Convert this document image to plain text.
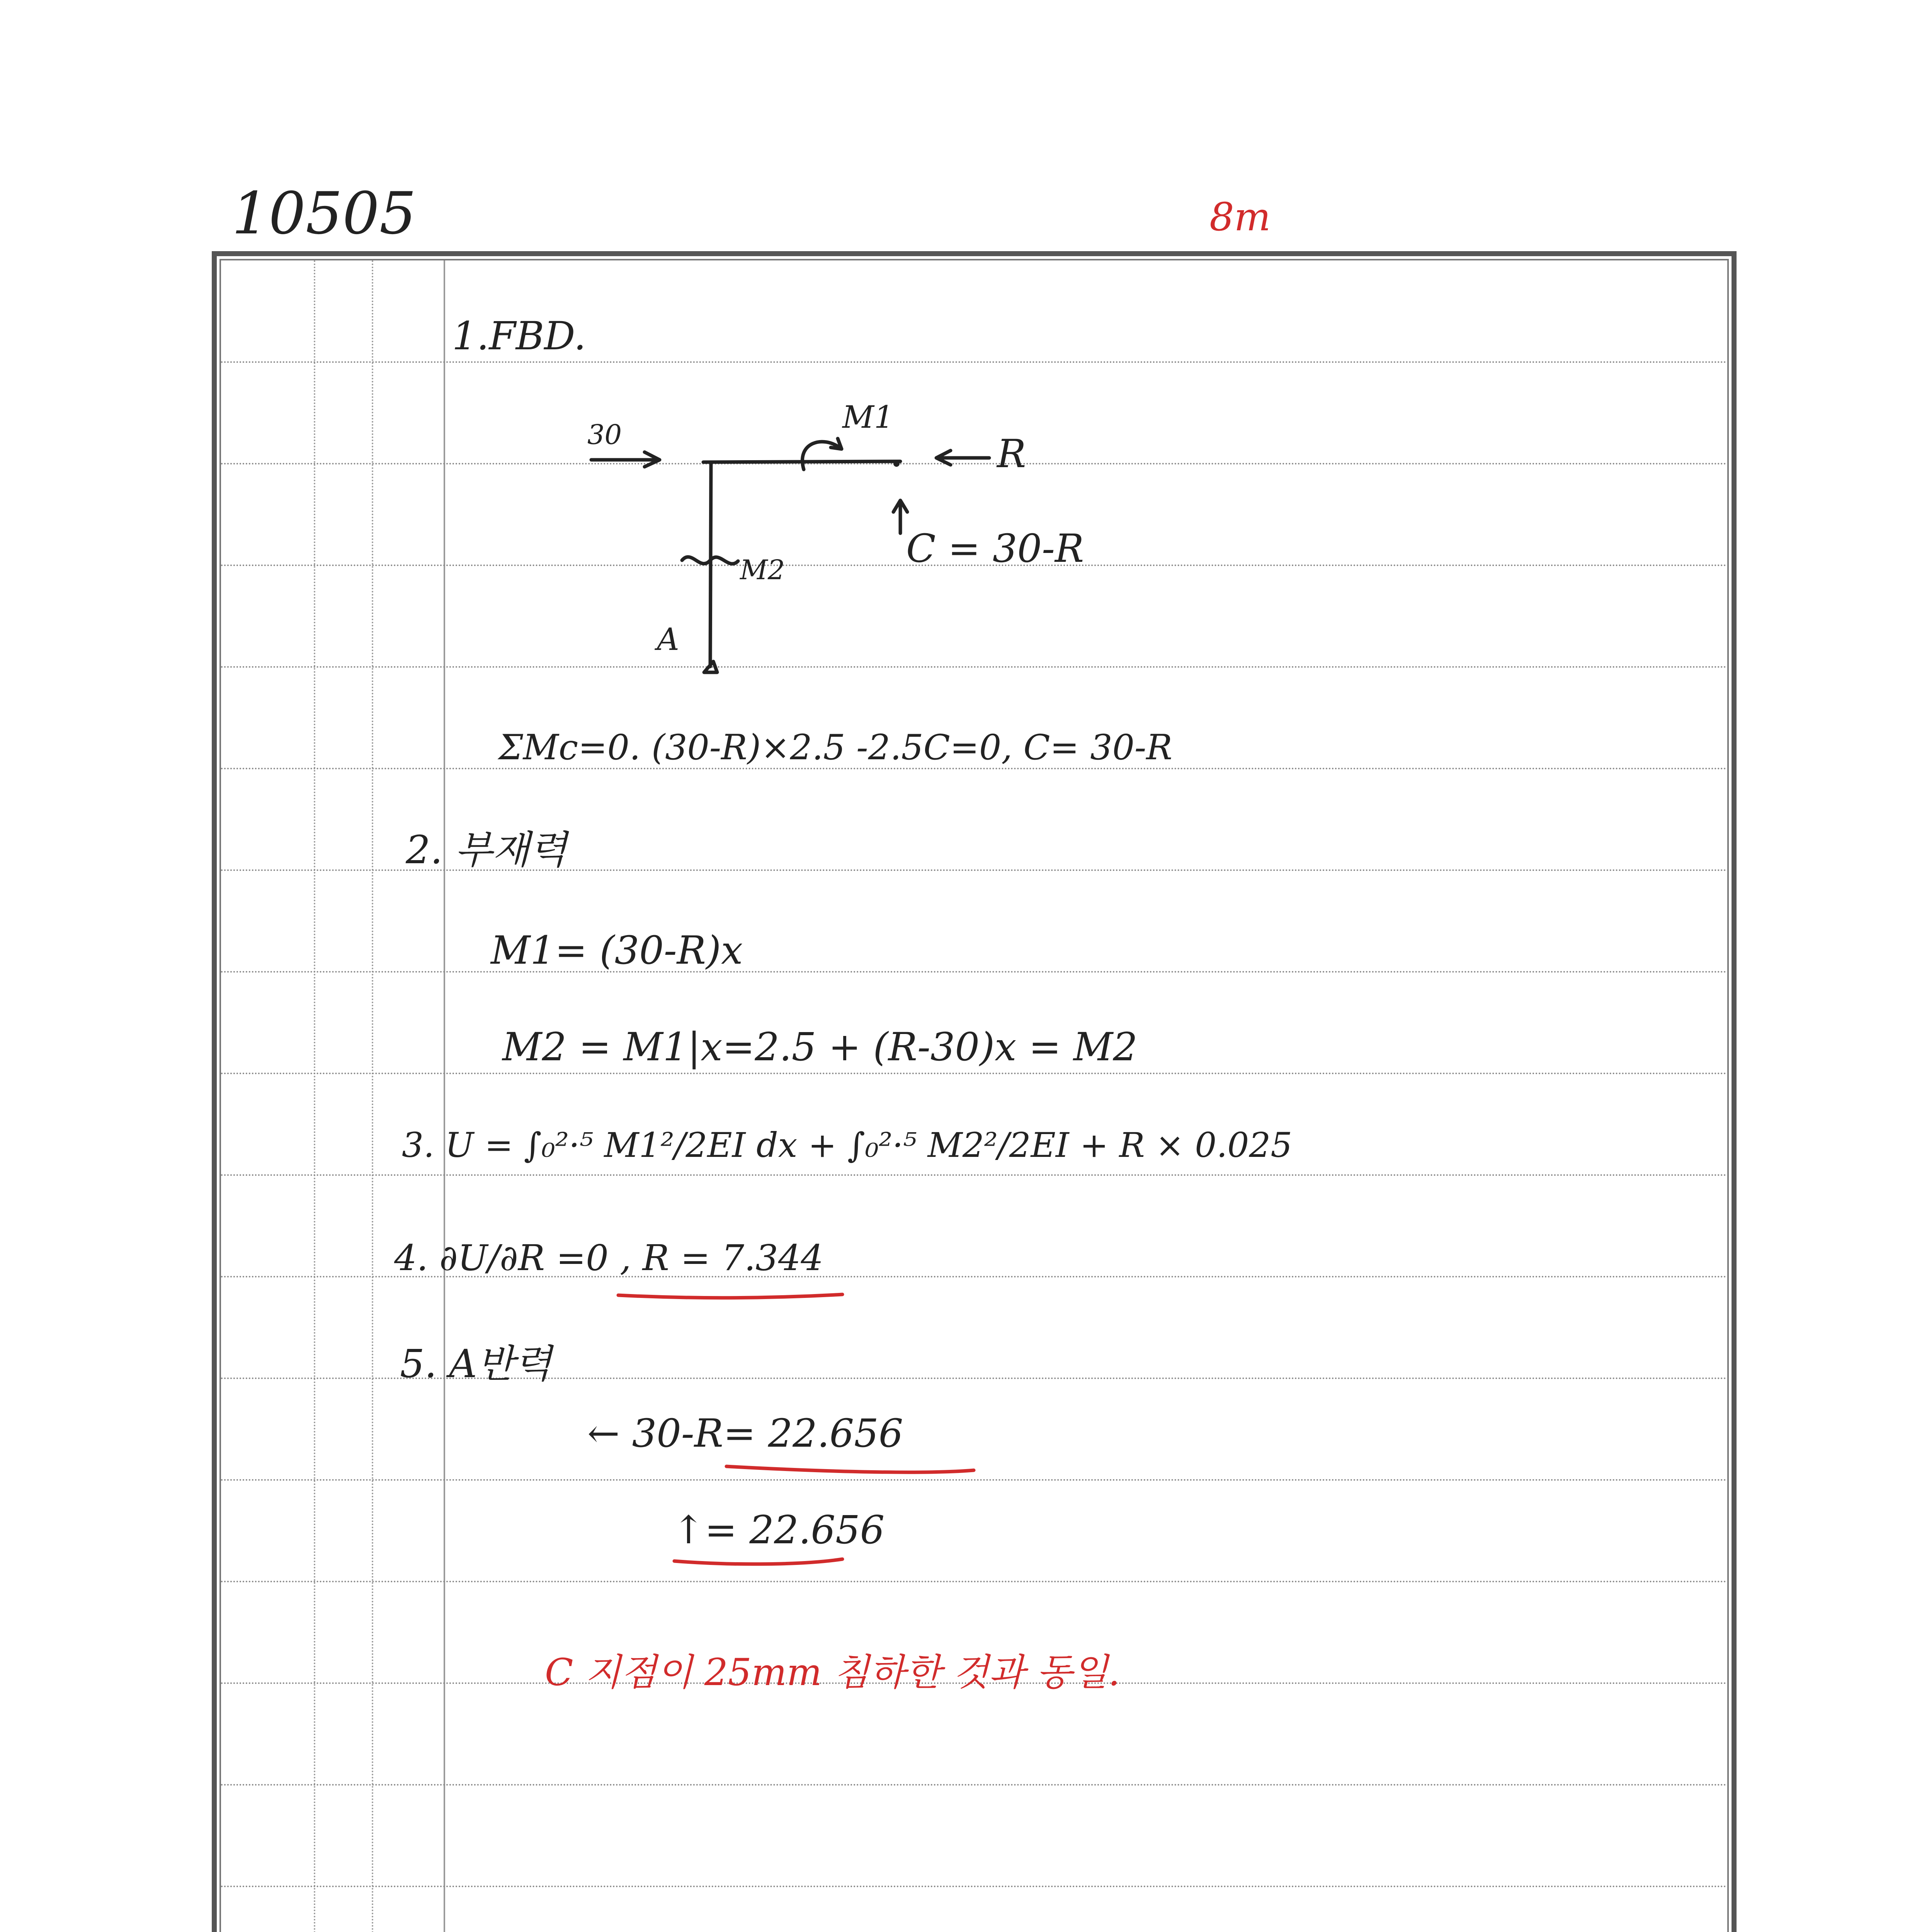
10505	8m
1.FBD.
30	M1
R
C = 30-R
M2
A
ΣMc=0. (30-R)×2.5 -2.5C=0, C= 30-R
2. 부재력
M1= (30-R)x
M2 = M1|x=2.5 + (R-30)x = M2
3. U = ∫₀²·⁵ M1²/2EI dx + ∫₀²·⁵ M2²/2EI + R × 0.025
4. ∂U/∂R =0 , R = 7.344
5. A반력
← 30-R= 22.656
↑= 22.656
C 지점이 25mm 침하한 것과 동일.
